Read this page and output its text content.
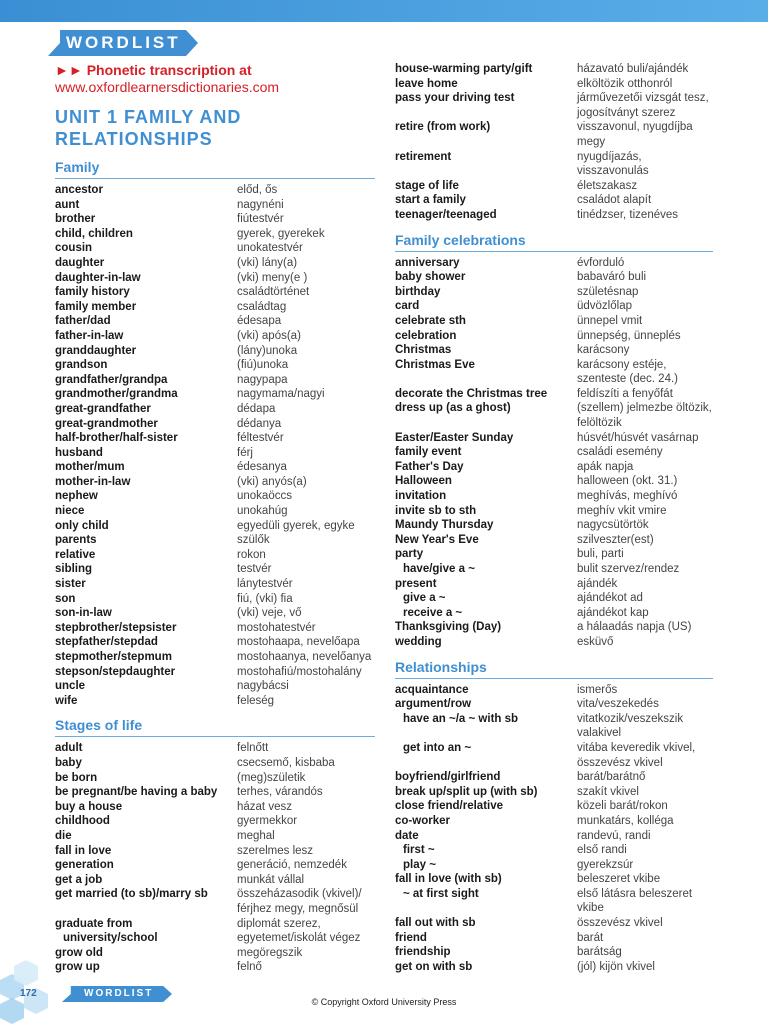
WORDLIST
►► Phonetic transcription at
www.oxfordlearnersdictionaries.com
UNIT 1 FAMILY AND
RELATIONSHIPS
Family
ancestor	előd, ős
aunt	nagynéni
brother	fiútestvér
child, children	gyerek, gyerekek
cousin	unokatestvér
daughter	(vki) lány(a)
daughter-in-law	(vki) meny(e )
family history	családtörténet
family member	családtag
father/dad	édesapa
father-in-law	(vki) após(a)
granddaughter	(lány)unoka
grandson	(fiú)unoka
grandfather/grandpa	nagypapa
grandmother/grandma	nagymama/nagyi
great-grandfather	dédapa
great-grandmother	dédanya
half-brother/half-sister	féltestvér
husband	férj
mother/mum	édesanya
mother-in-law	(vki) anyós(a)
nephew	unokaöccs
niece	unokahúg
only child	egyedüli gyerek, egyke
parents	szülők
relative	rokon
sibling	testvér
sister	lánytestvér
son	fiú, (vki) fia
son-in-law	(vki) veje, vő
stepbrother/stepsister	mostohatestvér
stepfather/stepdad	mostohaapa, nevelőapa
stepmother/stepmum	mostohaanya, nevelőanya
stepson/stepdaughter	mostohafiú/mostohalány
uncle	nagybácsi
wife	feleség
Stages of life
adult	felnőtt
baby	csecsemő, kisbaba
be born	(meg)születik
be pregnant/be having a baby	terhes, várandós
buy a house	házat vesz
childhood	gyermekkor
die	meghal
fall in love	szerelmes lesz
generation	generáció, nemzedék
get a job	munkát vállal
get married (to sb)/marry sb	összeházasodik (vkivel)/
férjhez megy, megnősül
graduate from	diplomát szerez,
university/school	egyetemet/iskolát végez
grow old	megöregszik
grow up	felnő
house-warming party/gift	házavató buli/ajándék
leave home	elköltözik otthonról
pass your driving test	járművezetői vizsgát tesz,
jogosítványt szerez
retire (from work)	visszavonul, nyugdíjba
megy
retirement	nyugdíjazás, visszavonulás
stage of life	életszakasz
start a family	családot alapít
teenager/teenaged	tinédzser, tizenéves
Family celebrations
anniversary	évforduló
baby shower	babaváró buli
birthday	születésnap
card	üdvözlőlap
celebrate sth	ünnepel vmit
celebration	ünnepség, ünneplés
Christmas	karácsony
Christmas Eve	karácsony estéje,
szenteste (dec. 24.)
decorate the Christmas tree	feldíszíti a fenyőfát
dress up (as a ghost)	(szellem) jelmezbe öltözik,
felöltözik
Easter/Easter Sunday	húsvét/húsvét vasárnap
family event	családi esemény
Father's Day	apák napja
Halloween	halloween (okt. 31.)
invitation	meghívás, meghívó
invite sb to sth	meghív vkit vmire
Maundy Thursday	nagycsütörtök
New Year's Eve	szilveszter(est)
party	buli, parti
have/give a ~	bulit szervez/rendez
present	ajándék
give a ~	ajándékot ad
receive a ~	ajándékot kap
Thanksgiving (Day)	a hálaadás napja (US)
wedding	esküvő
Relationships
acquaintance	ismerős
argument/row	vita/veszekedés
have an ~/a ~ with sb	vitatkozik/veszekszik
valakivel
get into an ~	vitába keveredik vkivel,
összevész vkivel
boyfriend/girlfriend	barát/barátnő
break up/split up (with sb)	szakít vkivel
close friend/relative	közeli barát/rokon
co-worker	munkatárs, kolléga
date	randevú, randi
first ~	első randi
play ~	gyerekzsúr
fall in love (with sb)	beleszeret vkibe
~ at first sight	első látásra beleszeret
vkibe
fall out with sb	összevész vkivel
friend	barát
friendship	barátság
get on with sb	(jól) kijön vkivel
172	WORDLIST
© Copyright Oxford University Press
